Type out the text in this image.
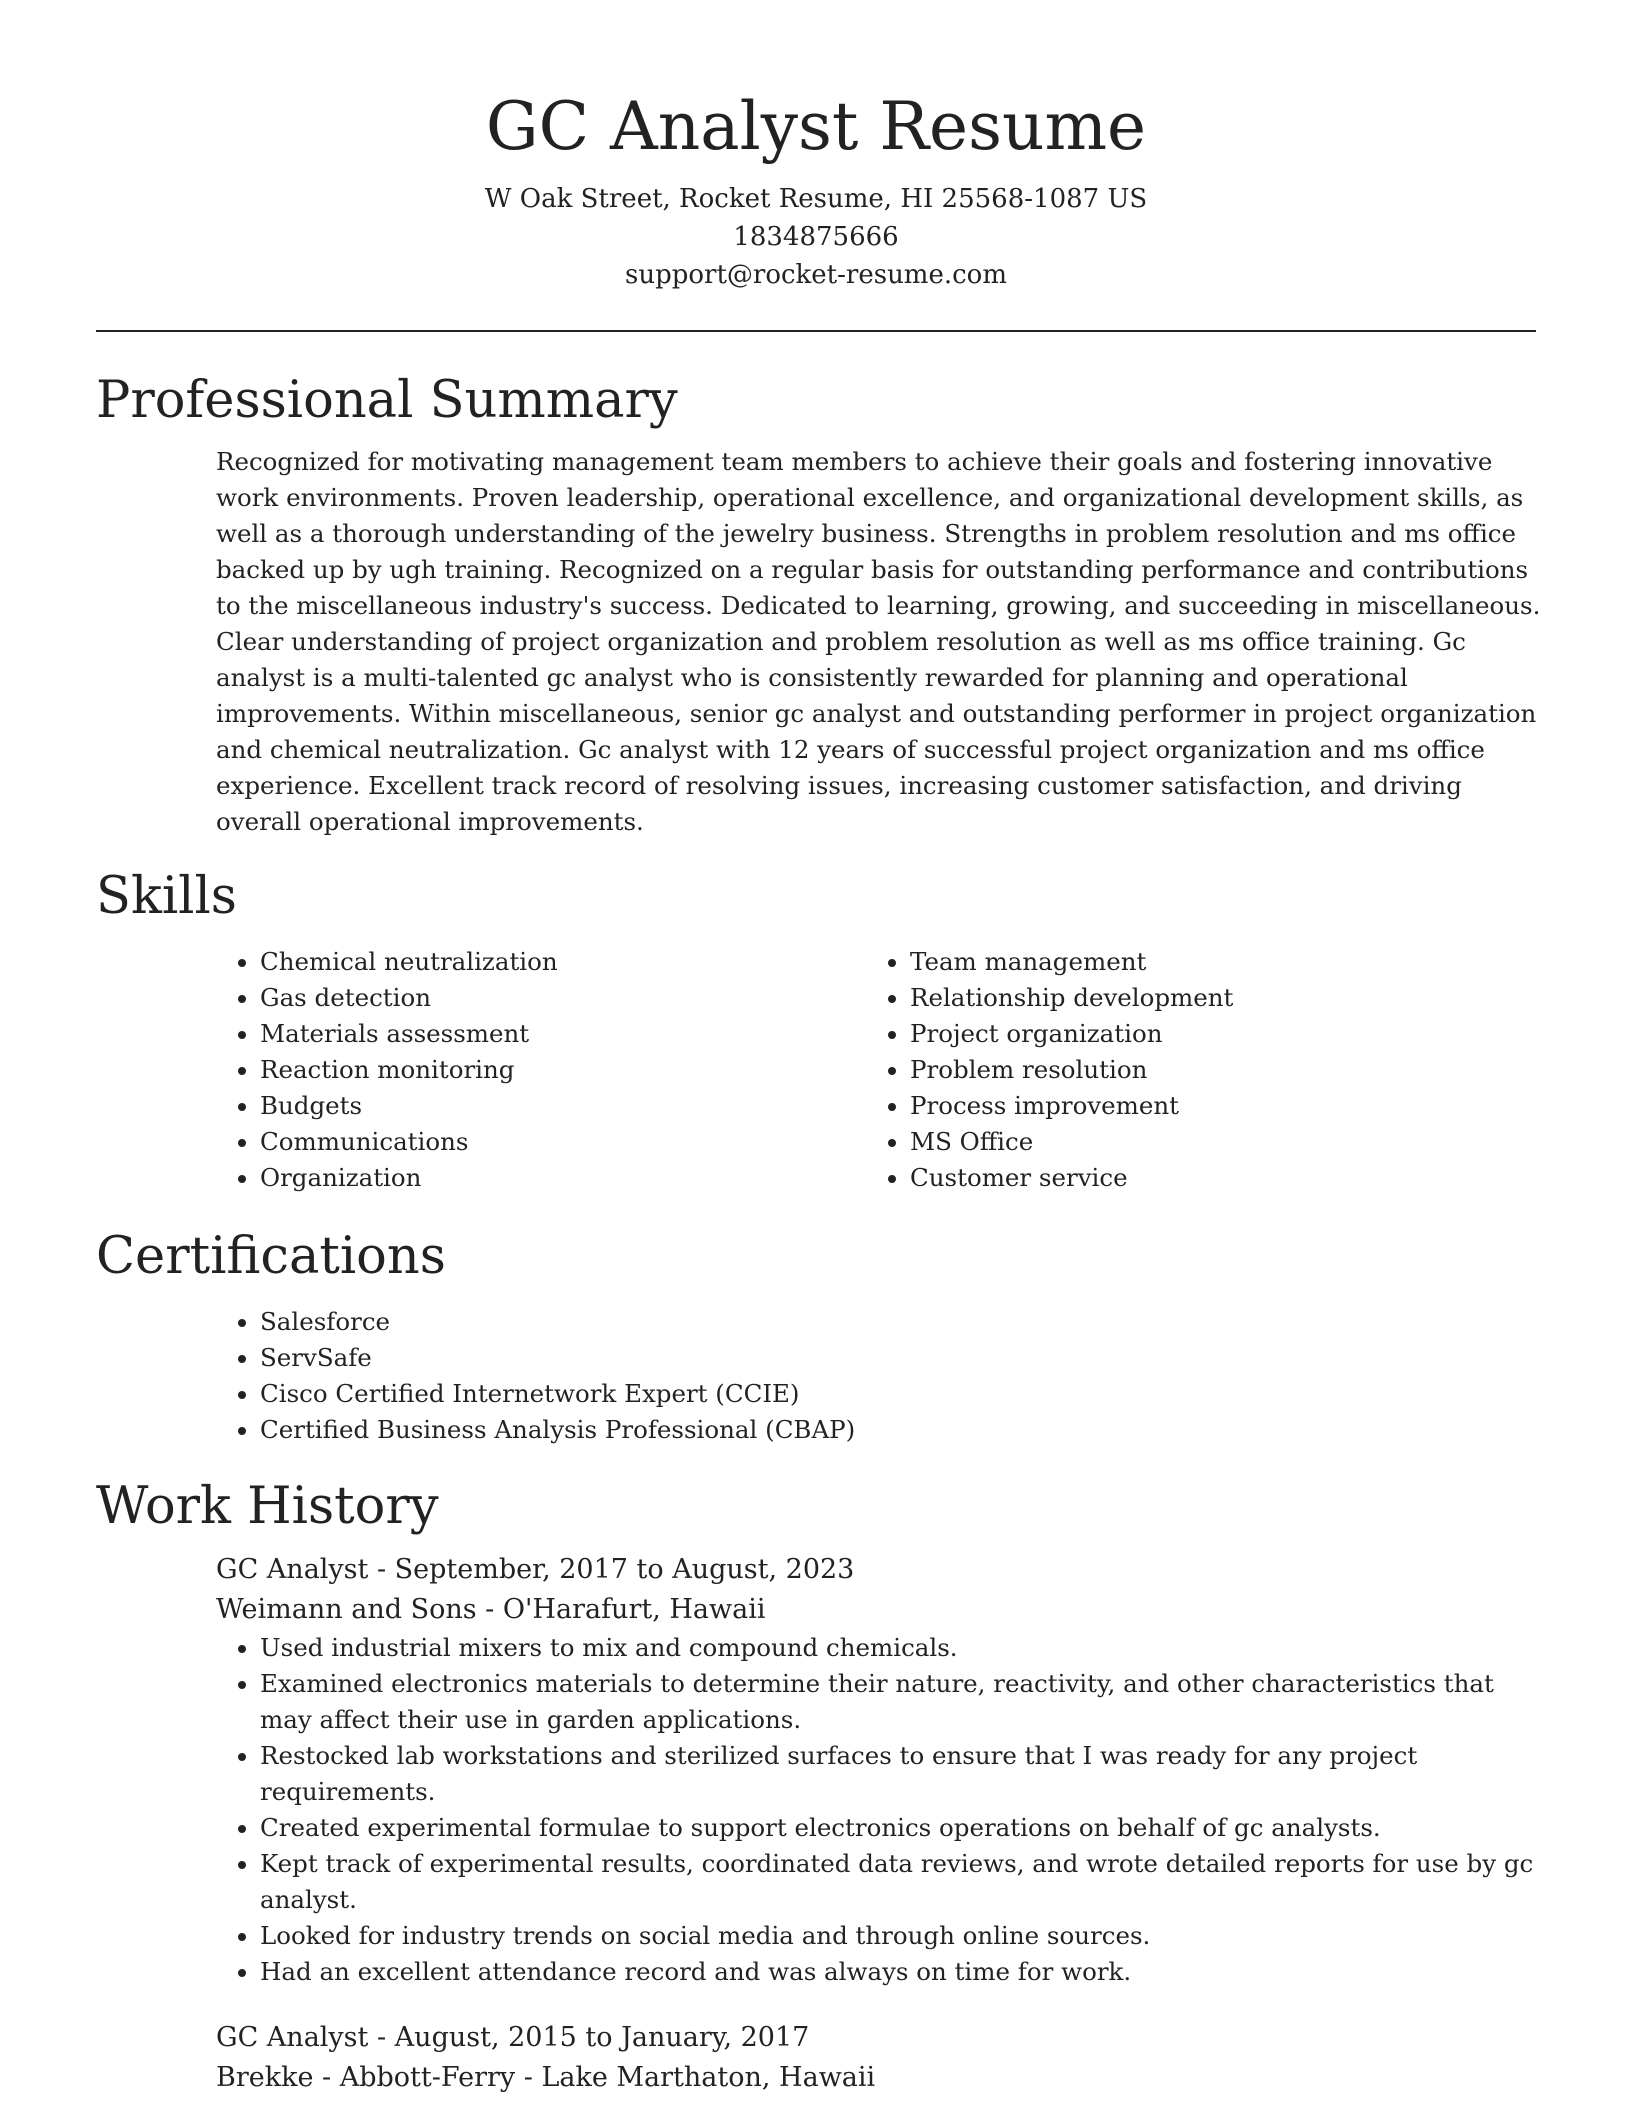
GC Analyst Resume
W Oak Street, Rocket Resume, HI 25568-1087 US
1834875666
support@rocket-resume.com
Professional Summary

Recognized for motivating management team members to achieve their goals and fostering innovative work environments. Proven leadership, operational excellence, and organizational development skills, as well as a thorough understanding of the jewelry business. Strengths in problem resolution and ms office backed up by ugh training. Recognized on a regular basis for outstanding performance and contributions to the miscellaneous industry's success. Dedicated to learning, growing, and succeeding in miscellaneous. Clear understanding of project organization and problem resolution as well as ms office training. Gc analyst is a multi-talented gc analyst who is consistently rewarded for planning and operational improvements. Within miscellaneous, senior gc analyst and outstanding performer in project organization and chemical neutralization. Gc analyst with 12 years of successful project organization and ms office experience. Excellent track record of resolving issues, increasing customer satisfaction, and driving overall operational improvements.

Skills
• Chemical neutralization
• Gas detection
• Materials assessment
• Reaction monitoring
• Budgets
• Communications
• Organization
• Team management
• Relationship development
• Project organization
• Problem resolution
• Process improvement
• MS Office
• Customer service
Certifications
• Salesforce
• ServSafe
• Cisco Certified Internetwork Expert (CCIE)
• Certified Business Analysis Professional (CBAP)
Work History
GC Analyst - September, 2017 to August, 2023
Weimann and Sons - O'Harafurt, Hawaii
• Used industrial mixers to mix and compound chemicals.
• Examined electronics materials to determine their nature, reactivity, and other characteristics that may affect their use in garden applications.
• Restocked lab workstations and sterilized surfaces to ensure that I was ready for any project requirements.
• Created experimental formulae to support electronics operations on behalf of gc analysts.
• Kept track of experimental results, coordinated data reviews, and wrote detailed reports for use by gc analyst.
• Looked for industry trends on social media and through online sources.
• Had an excellent attendance record and was always on time for work.
GC Analyst - August, 2015 to January, 2017
Brekke - Abbott-Ferry - Lake Marthaton, Hawaii
